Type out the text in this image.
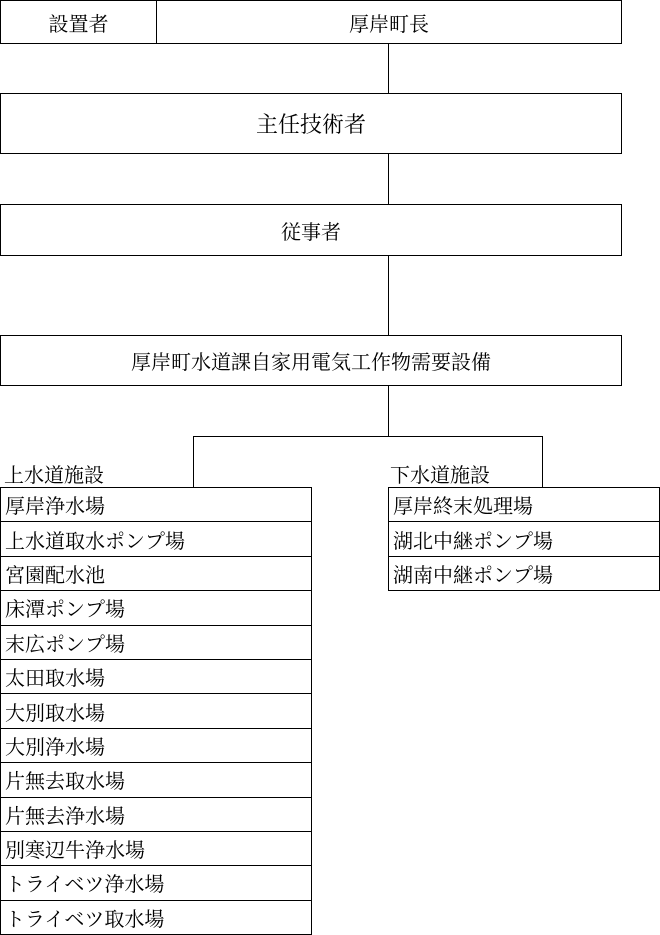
設置者	厚岸町長
主任技術者
従事者
厚岸町水道課自家用電気工作物需要設備
上水道施設
厚岸浄水場
上水道取水ポンプ場
宮園配水池
床潭ポンプ場
末広ポンプ場
太田取水場
大別取水場
大別浄水場
片無去取水場
片無去浄水場
別寒辺牛浄水場
トライベツ浄水場
トライベツ取水場
下水道施設
厚岸終末処理場
湖北中継ポンプ場
湖南中継ポンプ場
